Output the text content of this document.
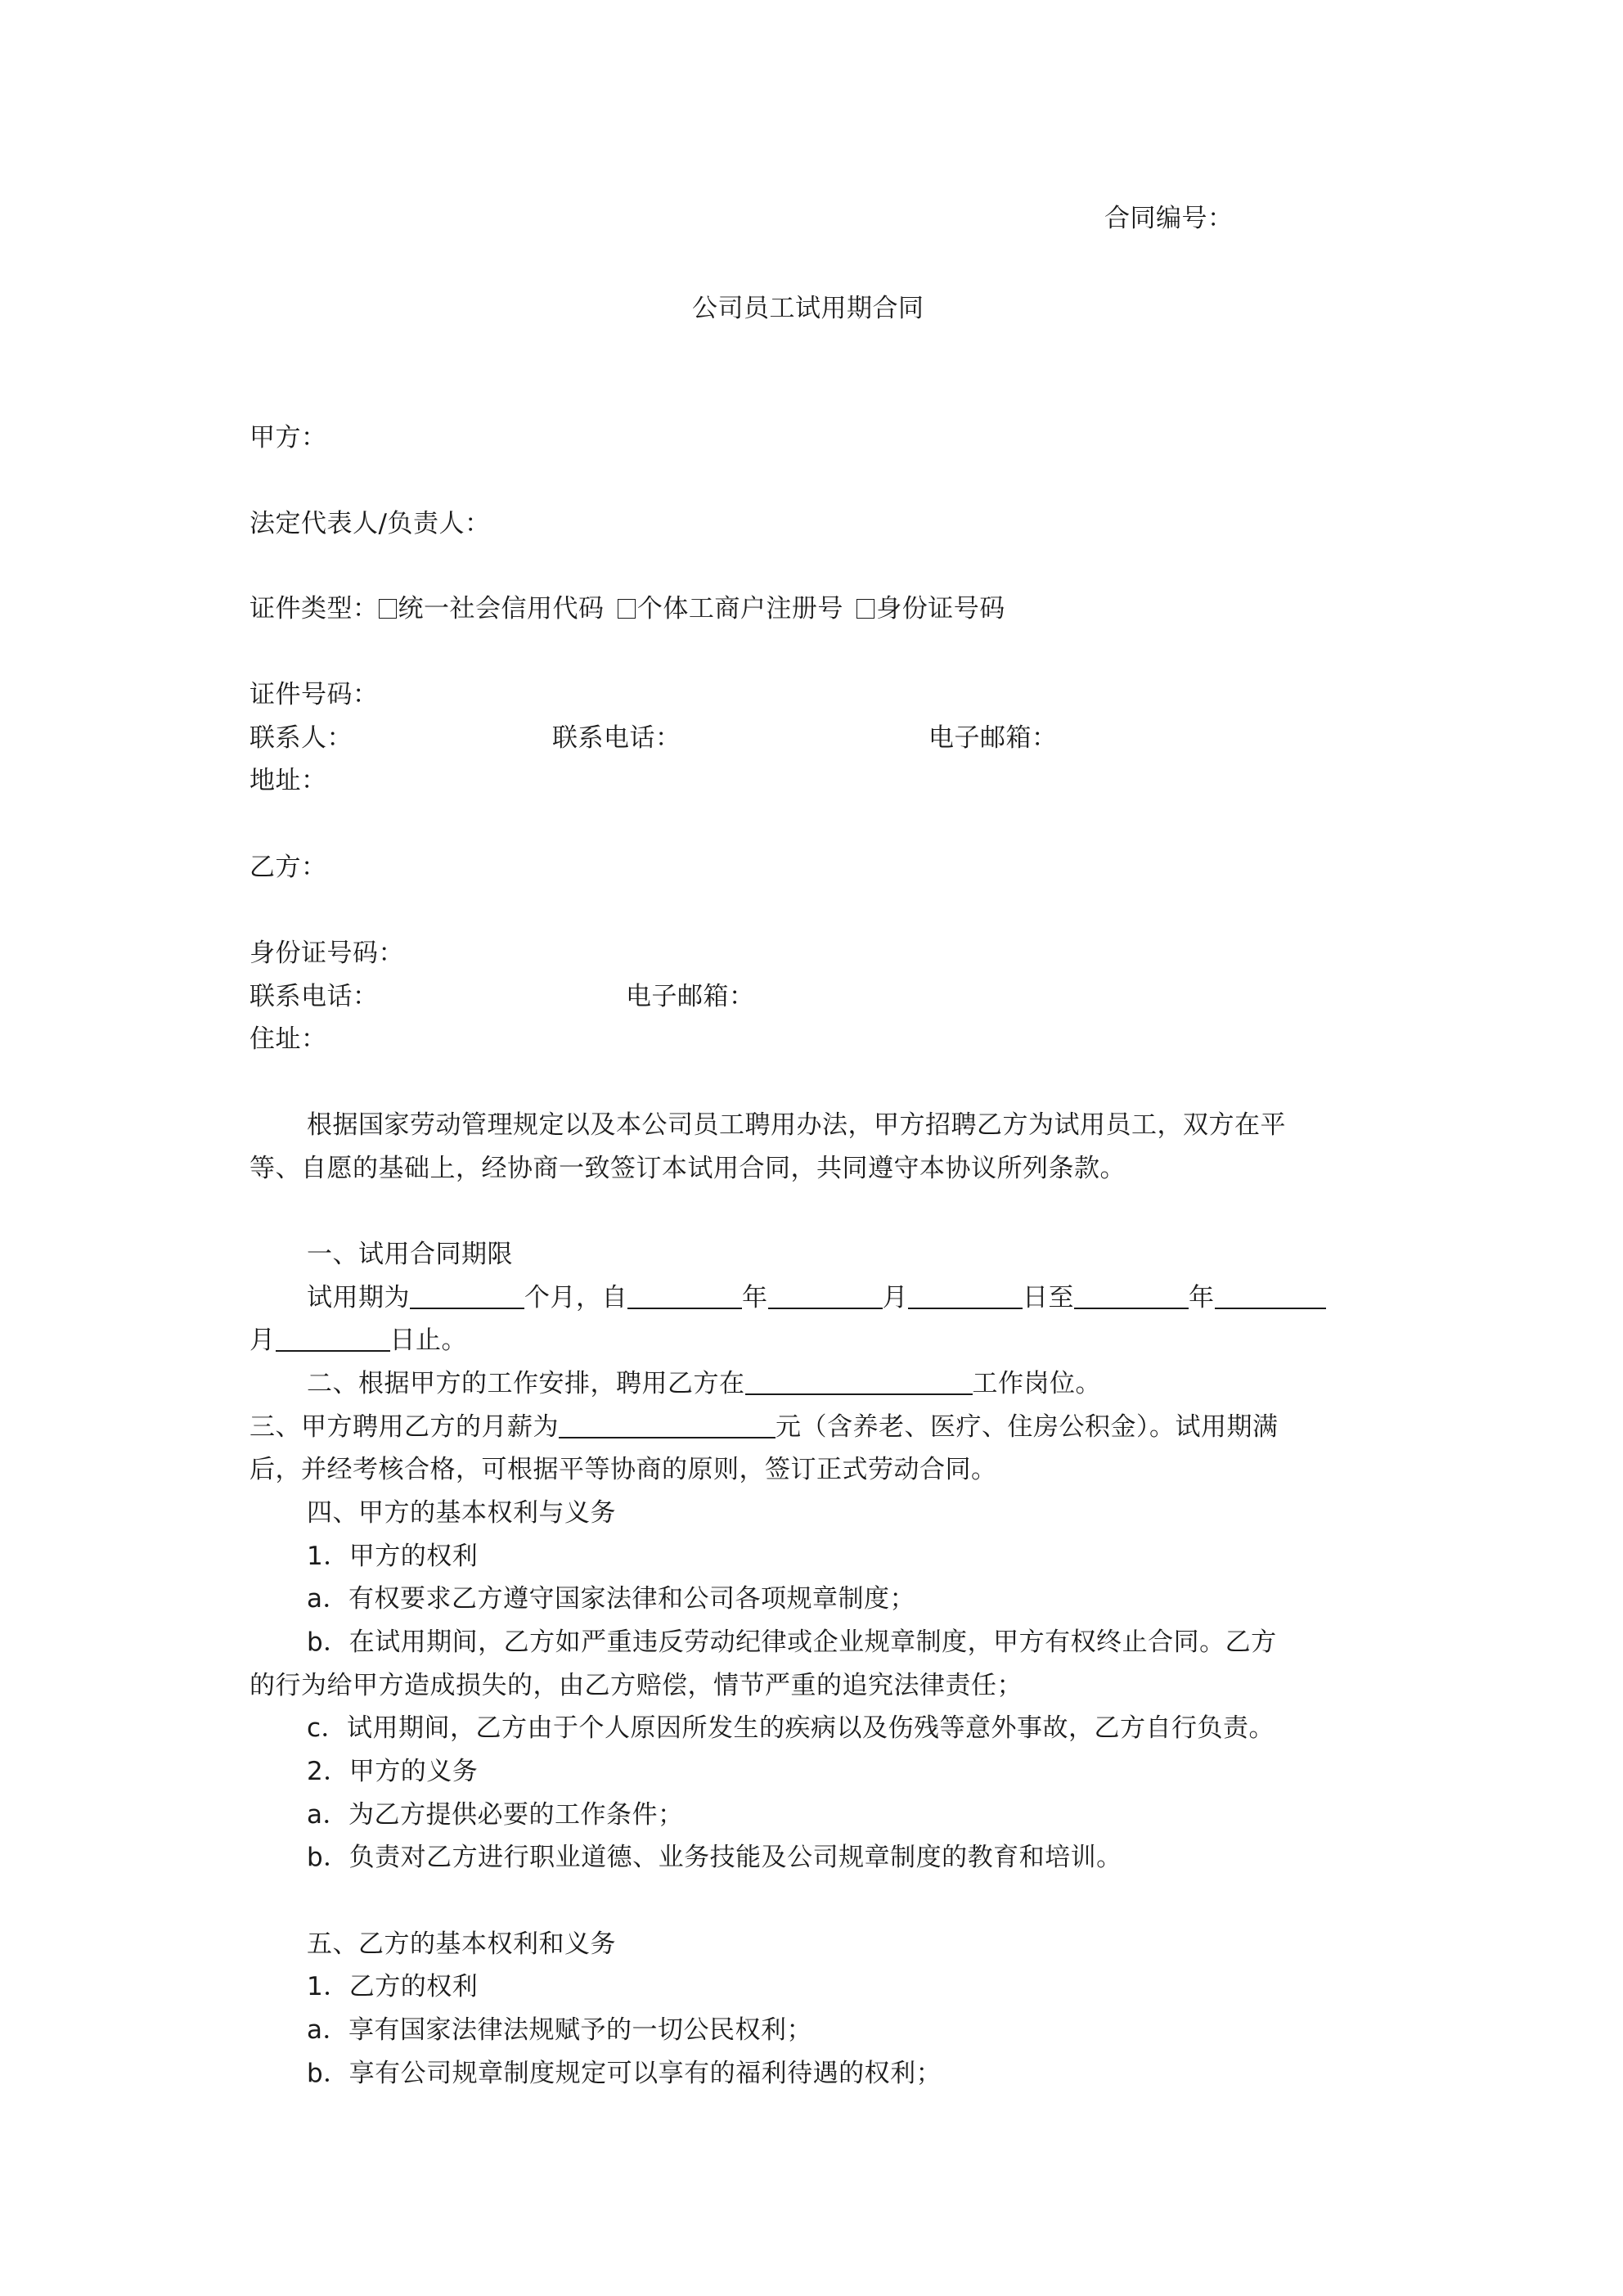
合同编号：
公司员工试用期合同
甲方：
法定代表人/负责人：
证件类型： 统一社会信用代码 个体工商户注册号 身份证号码
证件号码：
联系人：	联系电话：	电子邮箱：
地址：
乙方：
身份证号码：
联系电话：	电子邮箱：
住址：
根据国家劳动管理规定以及本公司员工聘用办法，甲方招聘乙方为试用员工，双方在平
等、自愿的基础上，经协商一致签订本试用合同，共同遵守本协议所列条款。
一、试用合同期限
试用期为	个月，自	年	月	日至	年
月	日止。
二、根据甲方的工作安排，聘用乙方在	工作岗位。
三、甲方聘用乙方的月薪为	元（含养老、医疗、住房公积金）。试用期满
后，并经考核合格，可根据平等协商的原则，签订正式劳动合同。
四、甲方的基本权利与义务
1．甲方的权利
a．有权要求乙方遵守国家法律和公司各项规章制度；
b．在试用期间，乙方如严重违反劳动纪律或企业规章制度，甲方有权终止合同。乙方
的行为给甲方造成损失的，由乙方赔偿，情节严重的追究法律责任；
c．试用期间，乙方由于个人原因所发生的疾病以及伤残等意外事故，乙方自行负责。
2．甲方的义务
a．为乙方提供必要的工作条件；
b．负责对乙方进行职业道德、业务技能及公司规章制度的教育和培训。
五、乙方的基本权利和义务
1．乙方的权利
a．享有国家法律法规赋予的一切公民权利；
b．享有公司规章制度规定可以享有的福利待遇的权利；
